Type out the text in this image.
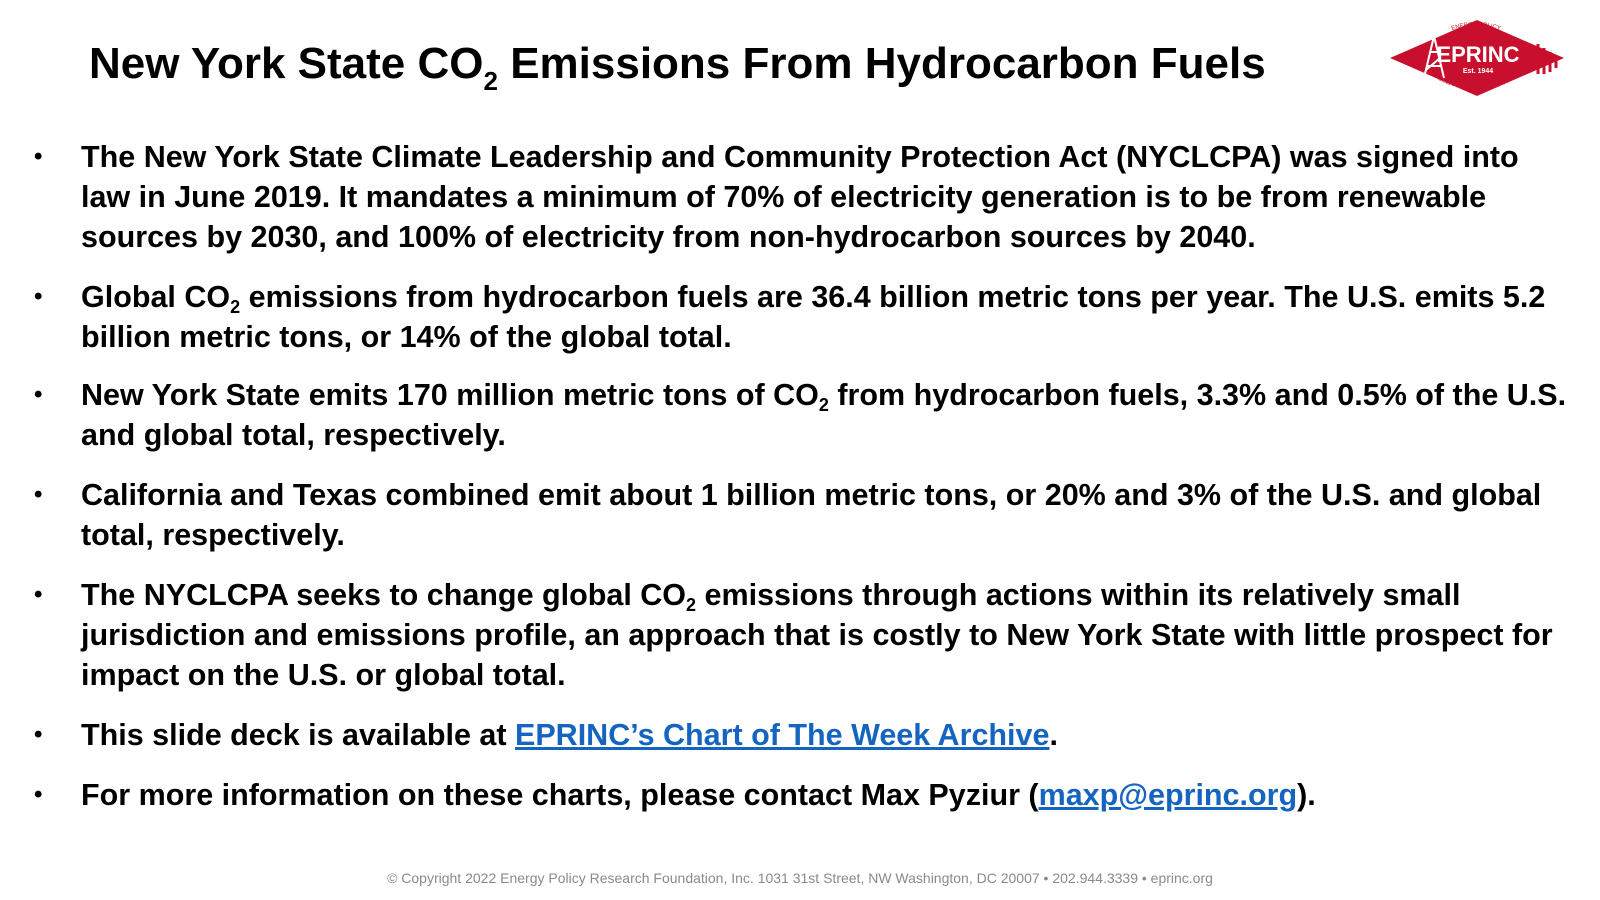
New York State $CO_2$ Emissions From Hydrocarbon Fuels	EPRINC
Est. 1944
ENERGY POLICY
RESEARCH FOUNDATION INC.
• The New York State Climate Leadership and Community Protection Act (NYCLCPA) was signed into law in June 2019. It mandates a minimum of 70% of electricity generation is to be from renewable sources by 2030, and 100% of electricity from non-hydrocarbon sources by 2040.
• Global $CO_2$ emissions from hydrocarbon fuels are 36.4 billion metric tons per year. The U.S. emits 5.2 billion metric tons, or 14% of the global total.
• New York State emits 170 million metric tons of $CO_2$ from hydrocarbon fuels, 3.3% and 0.5% of the U.S. and global total, respectively.
• California and Texas combined emit about 1 billion metric tons, or 20% and 3% of the U.S. and global total, respectively.
• The NYCLCPA seeks to change global $CO_2$ emissions through actions within its relatively small jurisdiction and emissions profile, an approach that is costly to New York State with little prospect for impact on the U.S. or global total.
• This slide deck is available at EPRINC’s Chart of The Week Archive.
• For more information on these charts, please contact Max Pyziur (maxp@eprinc.org).
© Copyright 2022 Energy Policy Research Foundation, Inc. 1031 31st Street, NW Washington, DC 20007 • 202.944.3339 • eprinc.org
